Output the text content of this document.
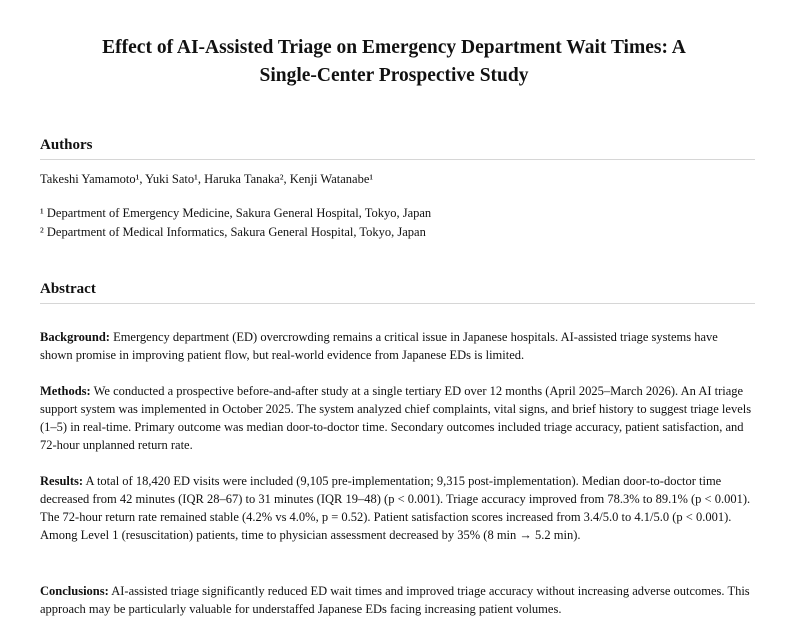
Effect of AI-Assisted Triage on Emergency Department Wait Times: A
Single-Center Prospective Study
Authors

Takeshi Yamamoto¹, Yuki Sato¹, Haruka Tanaka², Kenji Watanabe¹

¹ Department of Emergency Medicine, Sakura General Hospital, Tokyo, Japan

² Department of Medical Informatics, Sakura General Hospital, Tokyo, Japan

Abstract

Background: Emergency department (ED) overcrowding remains a critical issue in Japanese hospitals. AI-assisted triage systems have shown promise in improving patient flow, but real-world evidence from Japanese EDs is limited.

Methods: We conducted a prospective before-and-after study at a single tertiary ED over 12 months (April 2025–March 2026). An AI triage support system was implemented in October 2025. The system analyzed chief complaints, vital signs, and brief history to suggest triage levels (1–5) in real-time. Primary outcome was median door-to-doctor time. Secondary outcomes included triage accuracy, patient satisfaction, and 72-hour unplanned return rate.

Results: A total of 18,420 ED visits were included (9,105 pre-implementation; 9,315 post-implementation). Median door-to-doctor time decreased from 42 minutes (IQR 28–67) to 31 minutes (IQR 19–48) (p < 0.001). Triage accuracy improved from 78.3% to 89.1% (p < 0.001). The 72-hour return rate remained stable (4.2% vs 4.0%, p = 0.52). Patient satisfaction scores increased from 3.4/5.0 to 4.1/5.0 (p < 0.001). Among Level 1 (resuscitation) patients, time to physician assessment decreased by 35% (8 min → 5.2 min).

Conclusions: AI-assisted triage significantly reduced ED wait times and improved triage accuracy without increasing adverse outcomes. This approach may be particularly valuable for understaffed Japanese EDs facing increasing patient volumes.
